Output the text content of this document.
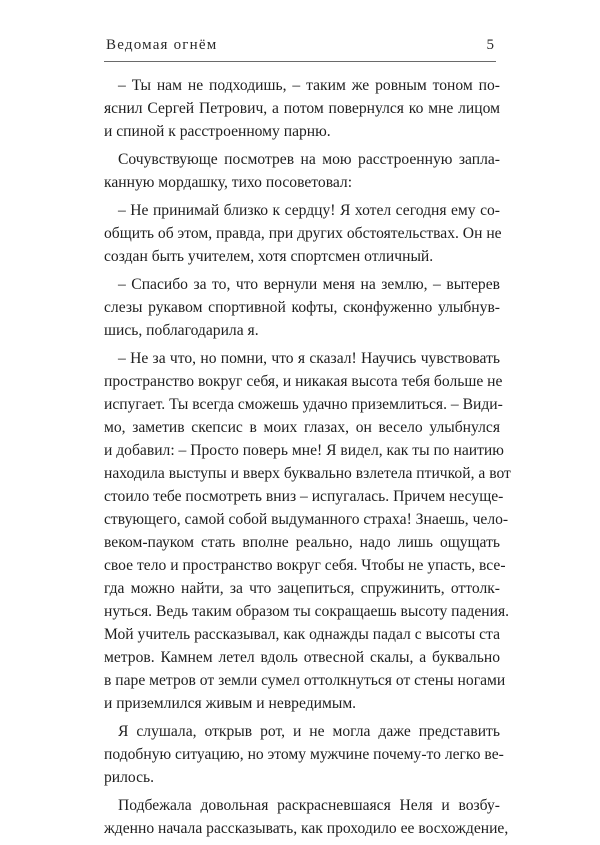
Ведомая огнём	5
– Ты нам не подходишь, – таким же ровным тоном по-
яснил Сергей Петрович, а потом повернулся ко мне лицом
и спиной к расстроенному парню.
Сочувствующе посмотрев на мою расстроенную запла-
канную мордашку, тихо посоветовал:
– Не принимай близко к сердцу! Я хотел сегодня ему со-
общить об этом, правда, при других обстоятельствах. Он не
создан быть учителем, хотя спортсмен отличный.
– Спасибо за то, что вернули меня на землю, – вытерев
слезы рукавом спортивной кофты, сконфуженно улыбнув-
шись, поблагодарила я.
– Не за что, но помни, что я сказал! Научись чувствовать
пространство вокруг себя, и никакая высота тебя больше не
испугает. Ты всегда сможешь удачно приземлиться. – Види-
мо, заметив скепсис в моих глазах, он весело улыбнулся
и добавил: – Просто поверь мне! Я видел, как ты по наитию
находила выступы и вверх буквально взлетела птичкой, а вот
стоило тебе посмотреть вниз – испугалась. Причем несуще-
ствующего, самой собой выдуманного страха! Знаешь, чело-
веком-пауком стать вполне реально, надо лишь ощущать
свое тело и пространство вокруг себя. Чтобы не упасть, все-
гда можно найти, за что зацепиться, спружинить, оттолк-
нуться. Ведь таким образом ты сокращаешь высоту падения.
Мой учитель рассказывал, как однажды падал с высоты ста
метров. Камнем летел вдоль отвесной скалы, а буквально
в паре метров от земли сумел оттолкнуться от стены ногами
и приземлился живым и невредимым.
Я слушала, открыв рот, и не могла даже представить
подобную ситуацию, но этому мужчине почему-то легко ве-
рилось.
Подбежала довольная раскрасневшаяся Неля и возбу-
жденно начала рассказывать, как проходило ее восхождение,
